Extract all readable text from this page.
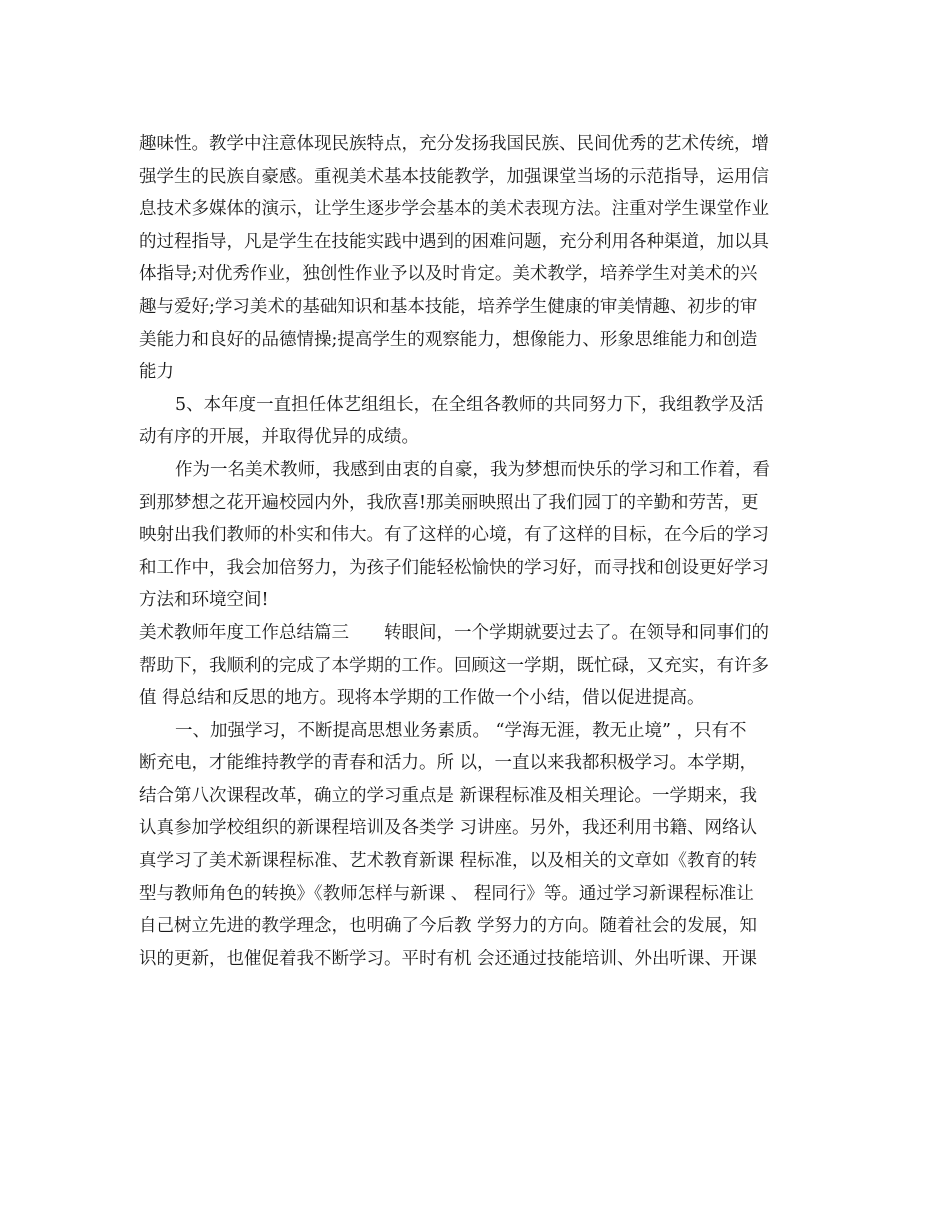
趣味性。教学中注意体现民族特点，充分发扬我国民族、民间优秀的艺术传统，增
强学生的民族自豪感。重视美术基本技能教学，加强课堂当场的示范指导，运用信
息技术多媒体的演示，让学生逐步学会基本的美术表现方法。注重对学生课堂作业
的过程指导，凡是学生在技能实践中遇到的困难问题，充分利用各种渠道，加以具
体指导;对优秀作业，独创性作业予以及时肯定。美术教学，培养学生对美术的兴
趣与爱好;学习美术的基础知识和基本技能，培养学生健康的审美情趣、初步的审
美能力和良好的品德情操;提高学生的观察能力，想像能力、形象思维能力和创造
能力
5、本年度一直担任体艺组组长，在全组各教师的共同努力下，我组教学及活
动有序的开展，并取得优异的成绩。
作为一名美术教师，我感到由衷的自豪，我为梦想而快乐的学习和工作着，看
到那梦想之花开遍校园内外，我欣喜!那美丽映照出了我们园丁的辛勤和劳苦，更
映射出我们教师的朴实和伟大。有了这样的心境，有了这样的目标，在今后的学习
和工作中，我会加倍努力，为孩子们能轻松愉快的学习好，而寻找和创设更好学习
方法和环境空间!
美术教师年度工作总结篇三　　转眼间，一个学期就要过去了。在领导和同事们的
帮助下，我顺利的完成了本学期的工作。回顾这一学期，既忙碌，又充实，有许多
值 得总结和反思的地方。现将本学期的工作做一个小结，借以促进提高。
一、加强学习，不断提高思想业务素质。 “学海无涯，教无止境” ，只有不
断充电，才能维持教学的青春和活力。所 以，一直以来我都积极学习。本学期，
结合第八次课程改革，确立的学习重点是 新课程标准及相关理论。一学期来，我
认真参加学校组织的新课程培训及各类学 习讲座。另外，我还利用书籍、网络认
真学习了美术新课程标准、艺术教育新课 程标准，以及相关的文章如《教育的转
型与教师角色的转换》《教师怎样与新课 、 程同行》等。通过学习新课程标准让
自己树立先进的教学理念，也明确了今后教 学努力的方向。随着社会的发展，知
识的更新，也催促着我不断学习。平时有机 会还通过技能培训、外出听课、开课
